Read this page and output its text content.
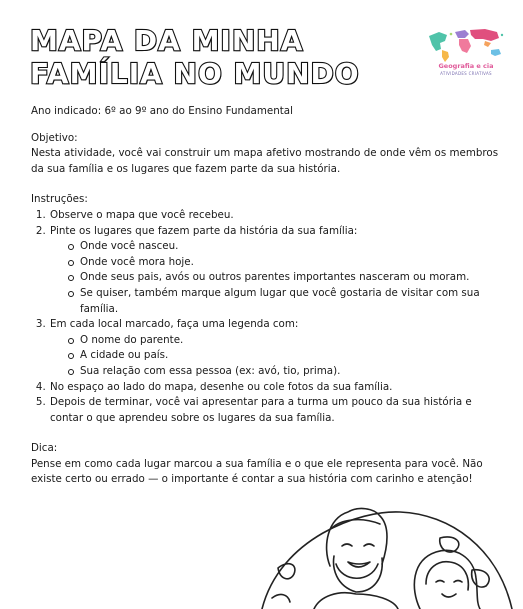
MAPA DA MINHA
FAMÍLIA NO MUNDO	Geografia e cia
ATIVIDADES CRIATIVAS

Ano indicado: 6º ao 9º ano do Ensino Fundamental

Objetivo:

Nesta atividade, você vai construir um mapa afetivo mostrando de onde vêm os membros da sua família e os lugares que fazem parte da sua história.

Instruções:

1. Observe o mapa que você recebeu.
2. Pinte os lugares que fazem parte da história da sua família:
Onde você nasceu.
Onde você mora hoje.
Onde seus pais, avós ou outros parentes importantes nasceram ou moram.
Se quiser, também marque algum lugar que você gostaria de visitar com sua família.
3. Em cada local marcado, faça uma legenda com:
O nome do parente.
A cidade ou país.
Sua relação com essa pessoa (ex: avó, tio, prima).
4. No espaço ao lado do mapa, desenhe ou cole fotos da sua família.
5. Depois de terminar, você vai apresentar para a turma um pouco da sua história e contar o que aprendeu sobre os lugares da sua família.

Dica:

Pense em como cada lugar marcou a sua família e o que ele representa para você. Não existe certo ou errado — o importante é contar a sua história com carinho e atenção!
